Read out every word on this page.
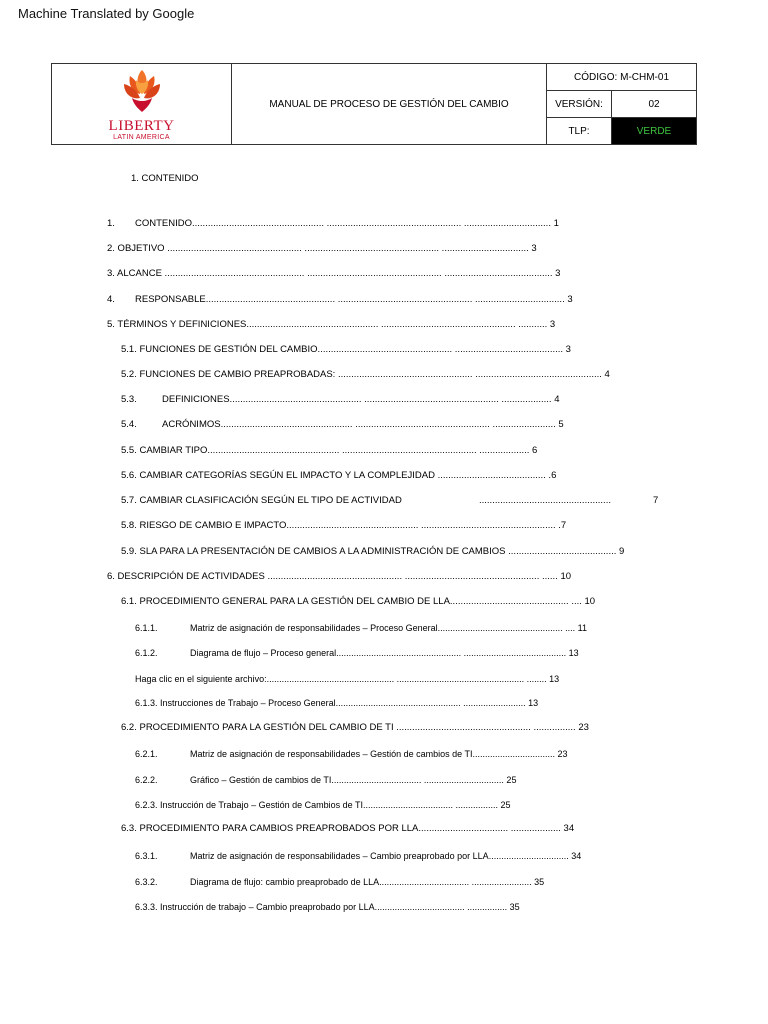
Machine Translated by Google
LIBERTY
LATIN AMERICA	MANUAL DE PROCESO DE GESTIÓN DEL CAMBIO	CÓDIGO: M-CHM-01	
		VERSIÓN:	02
		TLP:	VERDE
1. CONTENIDO
1. CONTENIDO.................................................. ................................................... ................................. 1
2. OBJETIVO ................................................... ................................................... ................................. 3
3. ALCANCE ..................................................... ................................................... ......................................... 3
4. RESPONSABLE................................................. ................................................... .................................. 3
5. TÉRMINOS Y DEFINICIONES.................................................. ................................................... ........... 3
5.1. FUNCIONES DE GESTIÓN DEL CAMBIO................................................... ......................................... 3
5.2. FUNCIONES DE CAMBIO PREAPROBADAS: ................................................... ................................................ 4
5.3.	DEFINICIONES.................................................. ................................................... ................... 4
5.4.	ACRÓNIMOS.................................................. ................................................... ........................ 5
5.5. CAMBIAR TIPO.................................................. ................................................... ................... 6
5.6. CAMBIAR CATEGORÍAS SEGÚN EL IMPACTO Y LA COMPLEJIDAD ......................................... .6
5.7. CAMBIAR CLASIFICACIÓN SEGÚN EL TIPO DE ACTIVIDAD	..................................................	7
5.8. RIESGO DE CAMBIO E IMPACTO.................................................. ................................................... .7
5.9. SLA PARA LA PRESENTACIÓN DE CAMBIOS A LA ADMINISTRACIÓN DE CAMBIOS ......................................... 9
6. DESCRIPCIÓN DE ACTIVIDADES ................................................... ................................................... ...... 10
6.1. PROCEDIMIENTO GENERAL PARA LA GESTIÓN DEL CAMBIO DE LLA............................................. .... 10
6.1.1.	Matriz de asignación de responsabilidades – Proceso General.................................................. .... 11
6.1.2.	Diagrama de flujo – Proceso general.................................................. ......................................... 13
Haga clic en el siguiente archivo:................................................... ................................................... ........ 13
6.1.3. Instrucciones de Trabajo – Proceso General.................................................. ......................... 13
6.2. PROCEDIMIENTO PARA LA GESTIÓN DEL CAMBIO DE TI ................................................... ................ 23
6.2.1.	Matriz de asignación de responsabilidades – Gestión de cambios de TI................................. 23
6.2.2.	Gráfico – Gestión de cambios de TI.................................... ................................ 25
6.2.3. Instrucción de Trabajo – Gestión de Cambios de TI.................................... ................. 25
6.3. PROCEDIMIENTO PARA CAMBIOS PREAPROBADOS POR LLA.................................. ................... 34
6.3.1.	Matriz de asignación de responsabilidades – Cambio preaprobado por LLA................................ 34
6.3.2.	Diagrama de flujo: cambio preaprobado de LLA.................................... ........................ 35
6.3.3. Instrucción de trabajo – Cambio preaprobado por LLA.................................... ................ 35
